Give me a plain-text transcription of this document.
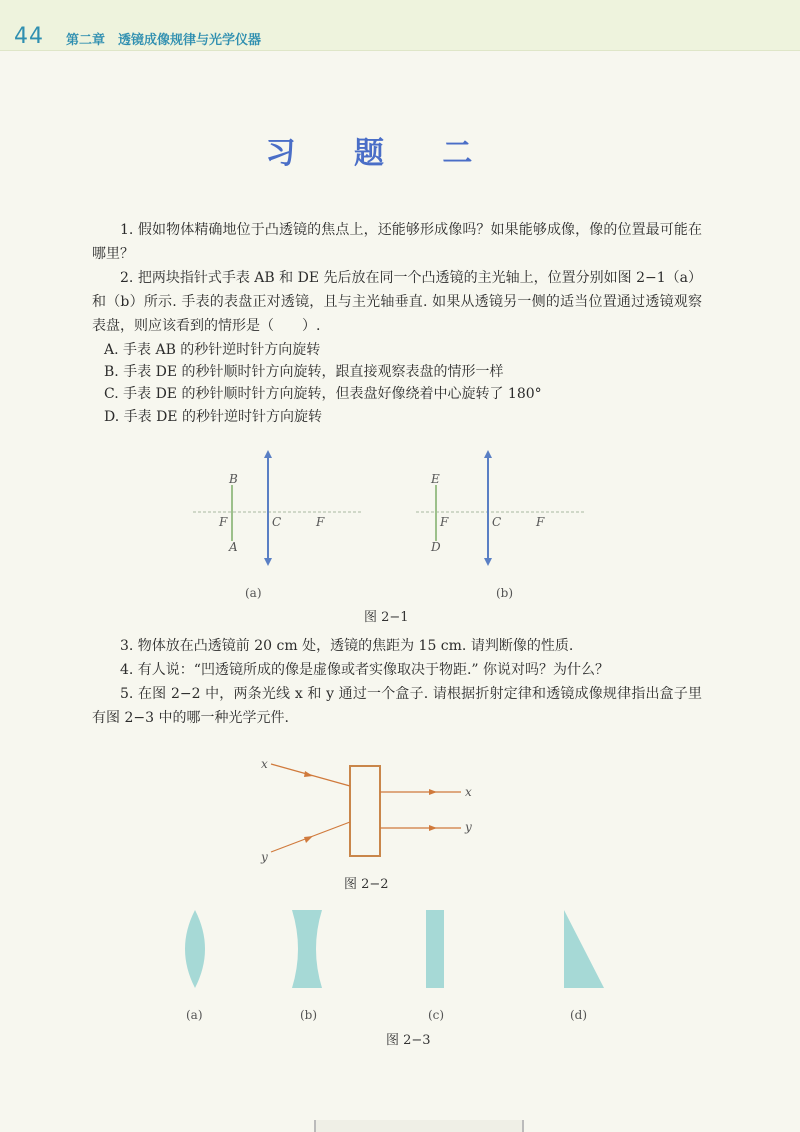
44 第二章　透镜成像规律与光学仪器
习 题 二
1. 假如物体精确地位于凸透镜的焦点上，还能够形成像吗？如果能够成像，像的位置最可能在哪里？
2. 把两块指针式手表 AB 和 DE 先后放在同一个凸透镜的主光轴上，位置分别如图 2−1（a）和（b）所示. 手表的表盘正对透镜，且与主光轴垂直. 如果从透镜另一侧的适当位置通过透镜观察表盘，则应该看到的情形是（　　）.
A. 手表 AB 的秒针逆时针方向旋转
B. 手表 DE 的秒针顺时针方向旋转，跟直接观察表盘的情形一样
C. 手表 DE 的秒针顺时针方向旋转，但表盘好像绕着中心旋转了 180°
D. 手表 DE 的秒针逆时针方向旋转
B
A
F	C	F
(a)
E
D
F	C	F
(b)
图 2−1
3. 物体放在凸透镜前 20 cm 处，透镜的焦距为 15 cm. 请判断像的性质.
4. 有人说：“凹透镜所成的像是虚像或者实像取决于物距.” 你说对吗？为什么？
5. 在图 2−2 中，两条光线 x 和 y 通过一个盒子. 请根据折射定律和透镜成像规律指出盒子里有图 2−3 中的哪一种光学元件.
x
x
y
y
图 2−2
(a)	(b)	(c)	(d)
图 2−3
